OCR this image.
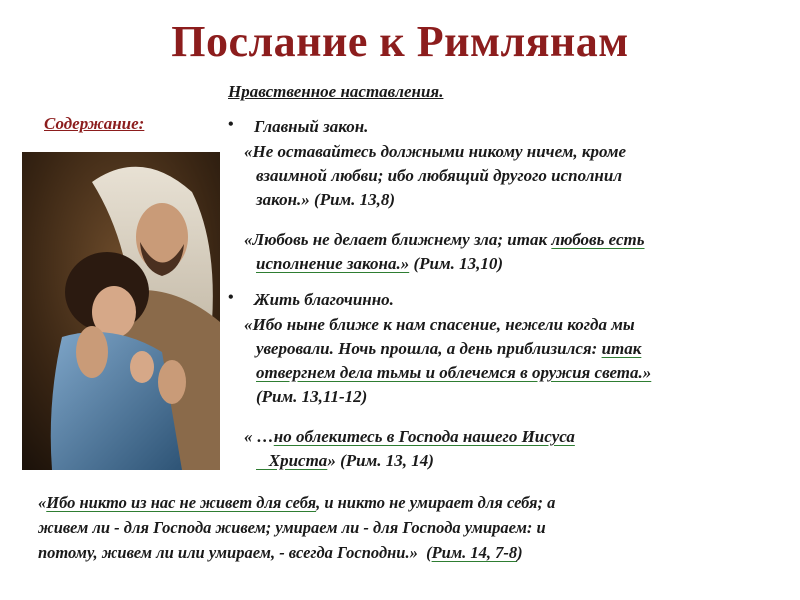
Послание к Римлянам
Нравственное наставления.
Содержание:	• Главный закон.
«Не оставайтесь должными никому ничем, кроме
взаимной любви; ибо любящий другого исполнил
закон.» (Рим. 13,8)
«Любовь не делает ближнему зла; итак любовь есть
исполнение закона.» (Рим. 13,10)
• Жить благочинно.
«Ибо ныне ближе к нам спасение, нежели когда мы
уверовали. Ночь прошла, а день приблизился: итак
отвергнем дела тьмы и облечемся в оружия света.»
(Рим. 13,11-12)
« …но облекитесь в Господа нашего Иисуса
Христа» (Рим. 13, 14)
«Ибо никто из нас не живет для себя, и никто не умирает для себя; а
живем ли - для Господа живем; умираем ли - для Господа умираем: и
потому, живем ли или умираем, - всегда Господни.»  (Рим. 14, 7-8)
